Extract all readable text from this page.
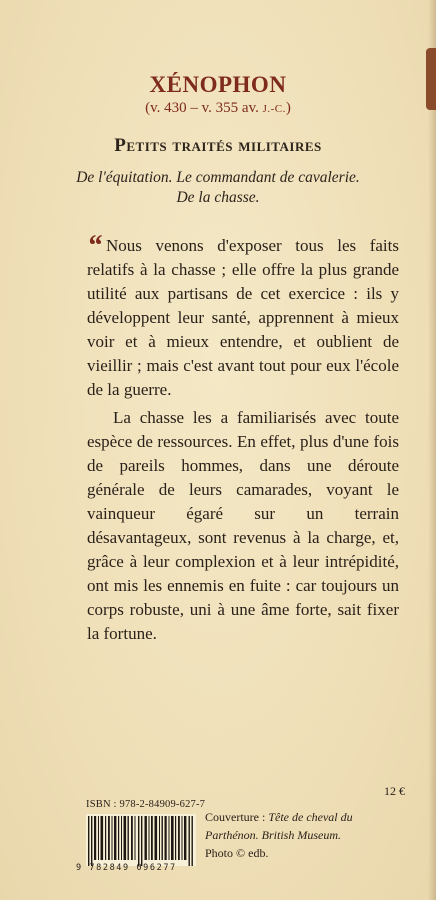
XÉNOPHON
(v. 430 – v. 355 av. J.-C.)
Petits traités militaires
De l'équitation. Le commandant de cavalerie.
De la chasse.

“ Nous venons d'exposer tous les faits relatifs à la chasse ; elle offre la plus grande utilité aux partisans de cet exercice : ils y développent leur santé, apprennent à mieux voir et à mieux entendre, et oublient de vieillir ; mais c'est avant tout pour eux l'école de la guerre.

La chasse les a familiarisés avec toute espèce de ressources. En effet, plus d'une fois de pareils hommes, dans une déroute générale de leurs camarades, voyant le vainqueur égaré sur un terrain désavantageux, sont revenus à la charge, et, grâce à leur complexion et à leur intrépidité, ont mis les ennemis en fuite : car toujours un corps robuste, uni à une âme forte, sait fixer la fortune.

12 €
ISBN : 978-2-84909-627-7
9 782849 096277
Couverture : Tête de cheval du Parthénon. British Museum.
Photo © edb.
